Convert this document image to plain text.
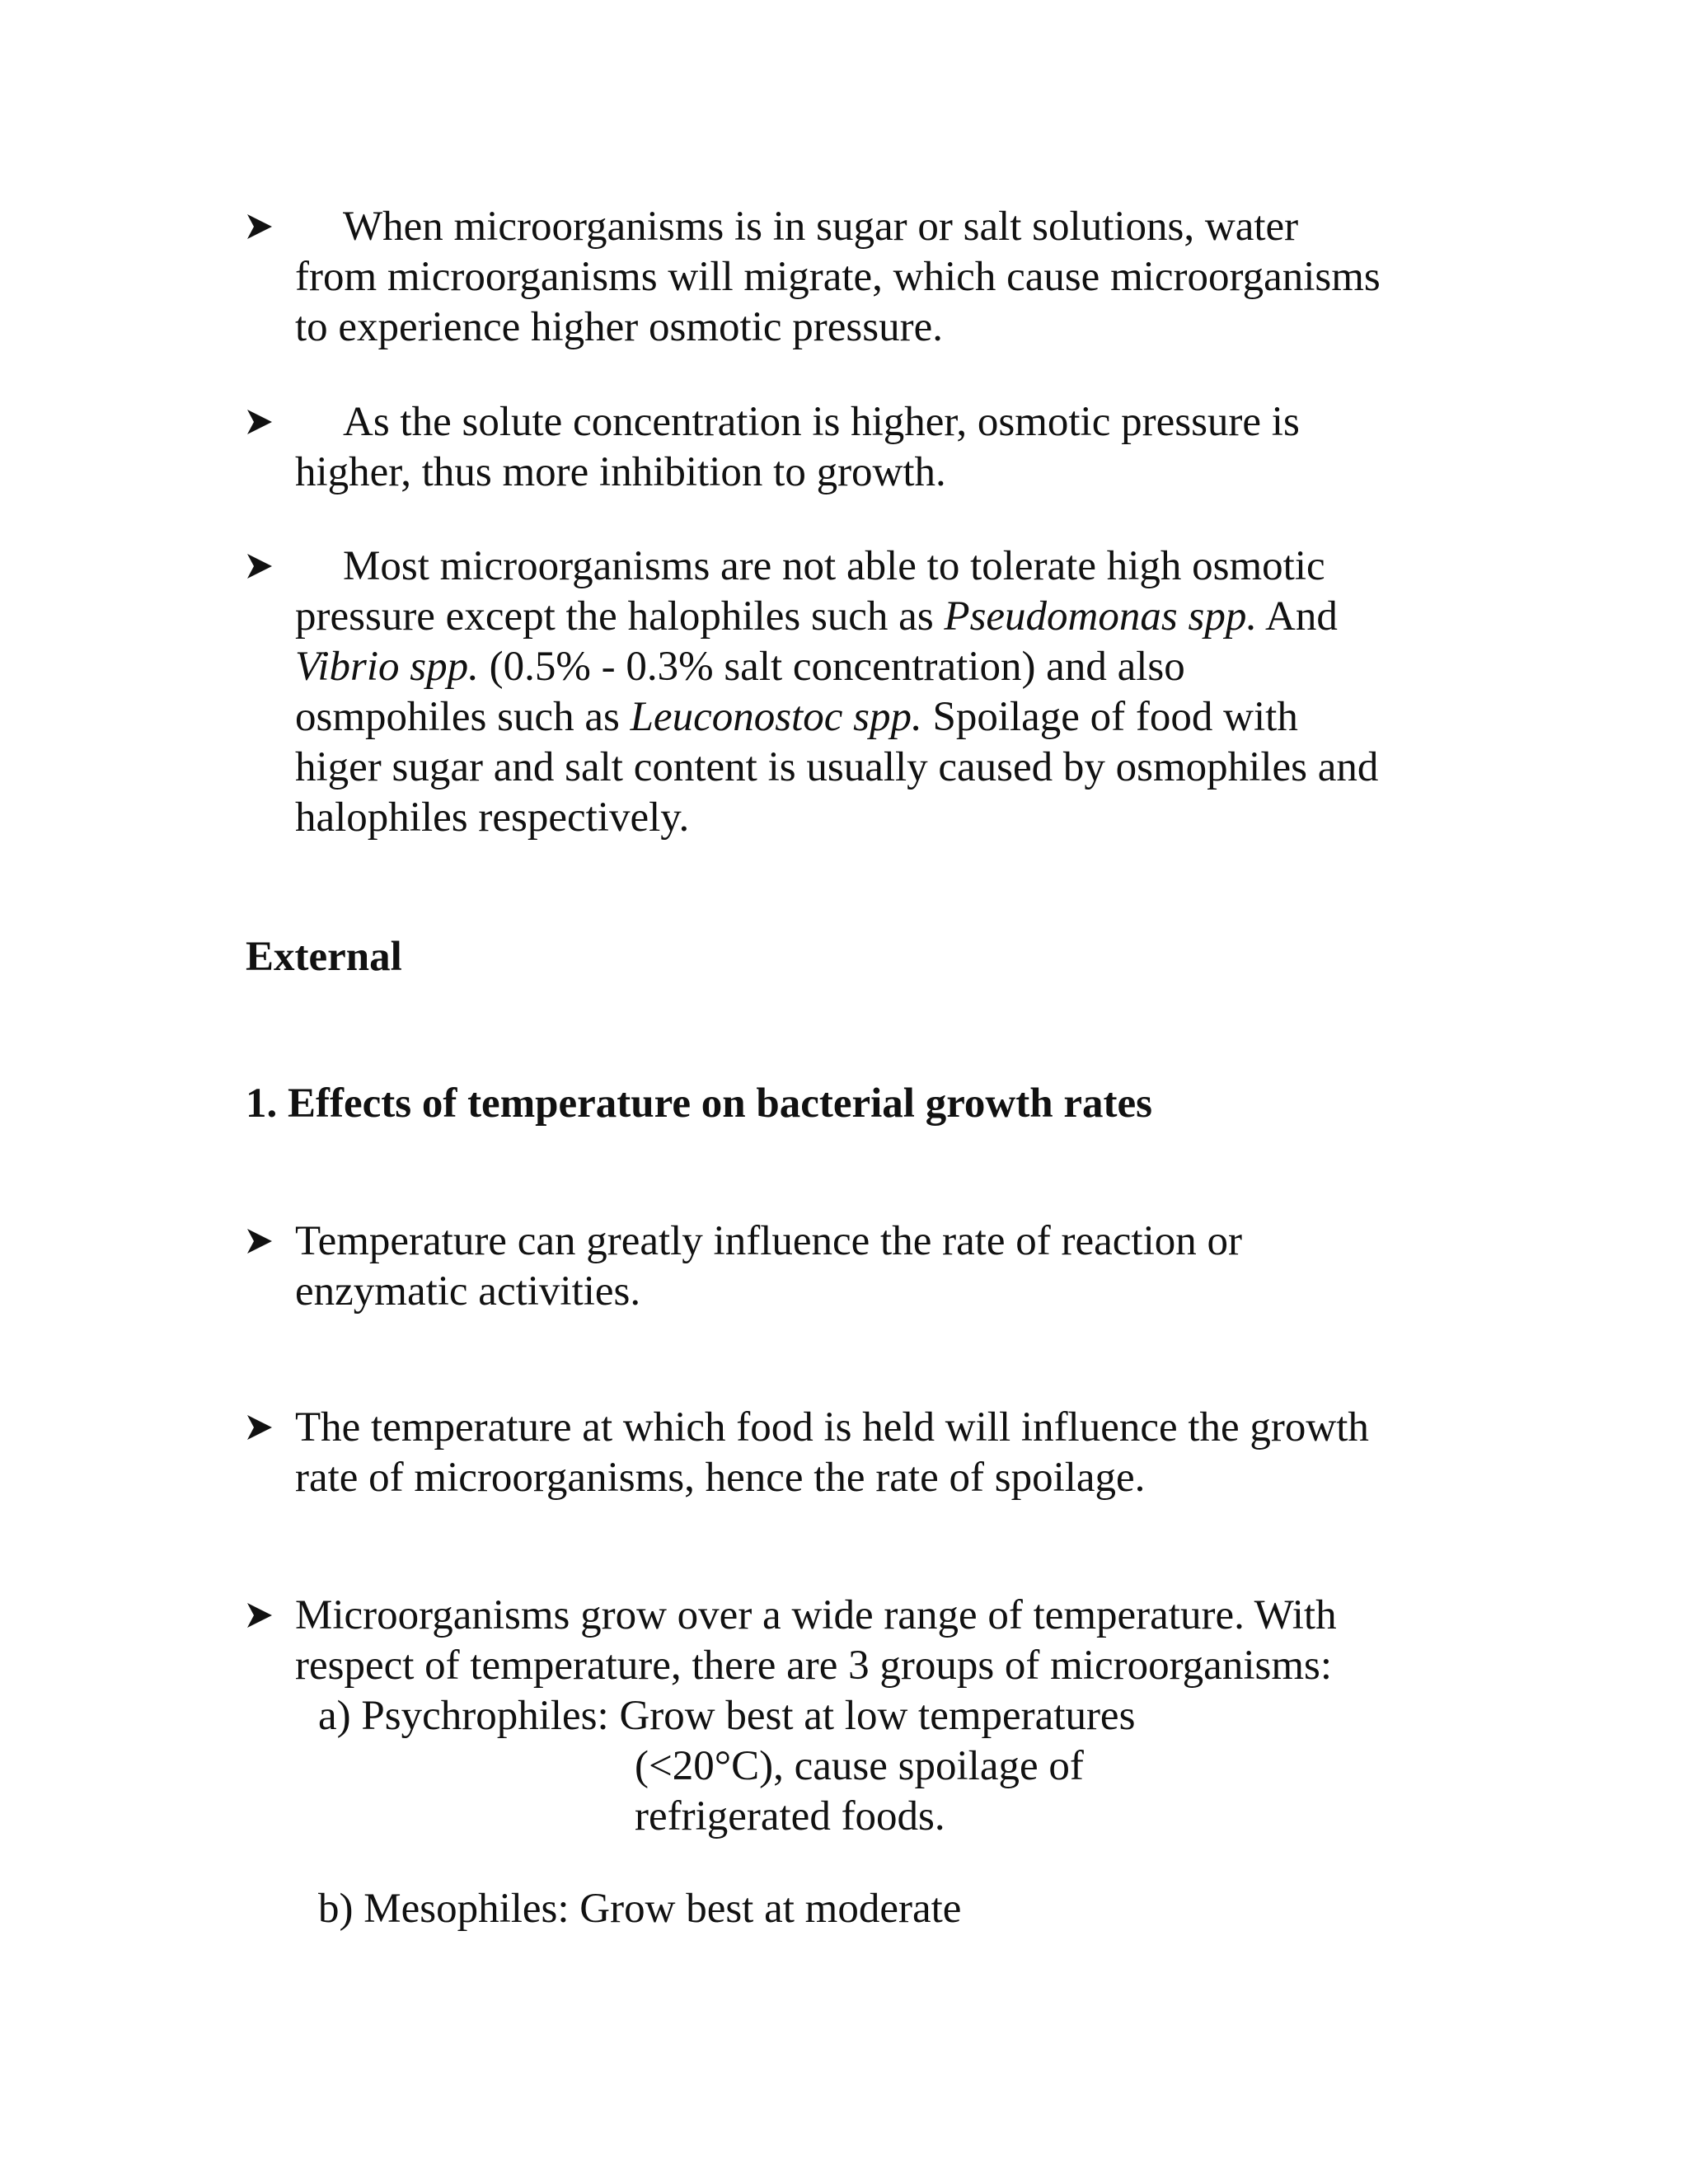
When microorganisms is in sugar or salt solutions, water

from microorganisms will migrate, which cause microorganisms

to experience higher osmotic pressure.

As the solute concentration is higher, osmotic pressure is

higher, thus more inhibition to growth.

Most microorganisms are not able to tolerate high osmotic

pressure except the halophiles such as Pseudomonas spp. And

Vibrio spp. (0.5% - 0.3% salt concentration) and also

osmpohiles such as Leuconostoc spp. Spoilage of food with

higer sugar and salt content is usually caused by osmophiles and

halophiles respectively.

External

1. Effects of temperature on bacterial growth rates

Temperature can greatly influence the rate of reaction or

enzymatic activities.

The temperature at which food is held will influence the growth

rate of microorganisms, hence the rate of spoilage.

Microorganisms grow over a wide range of temperature. With

respect of temperature, there are 3 groups of microorganisms:

a) Psychrophiles: Grow best at low temperatures

(<20°C), cause spoilage of

refrigerated foods.

b) Mesophiles: Grow best at moderate
